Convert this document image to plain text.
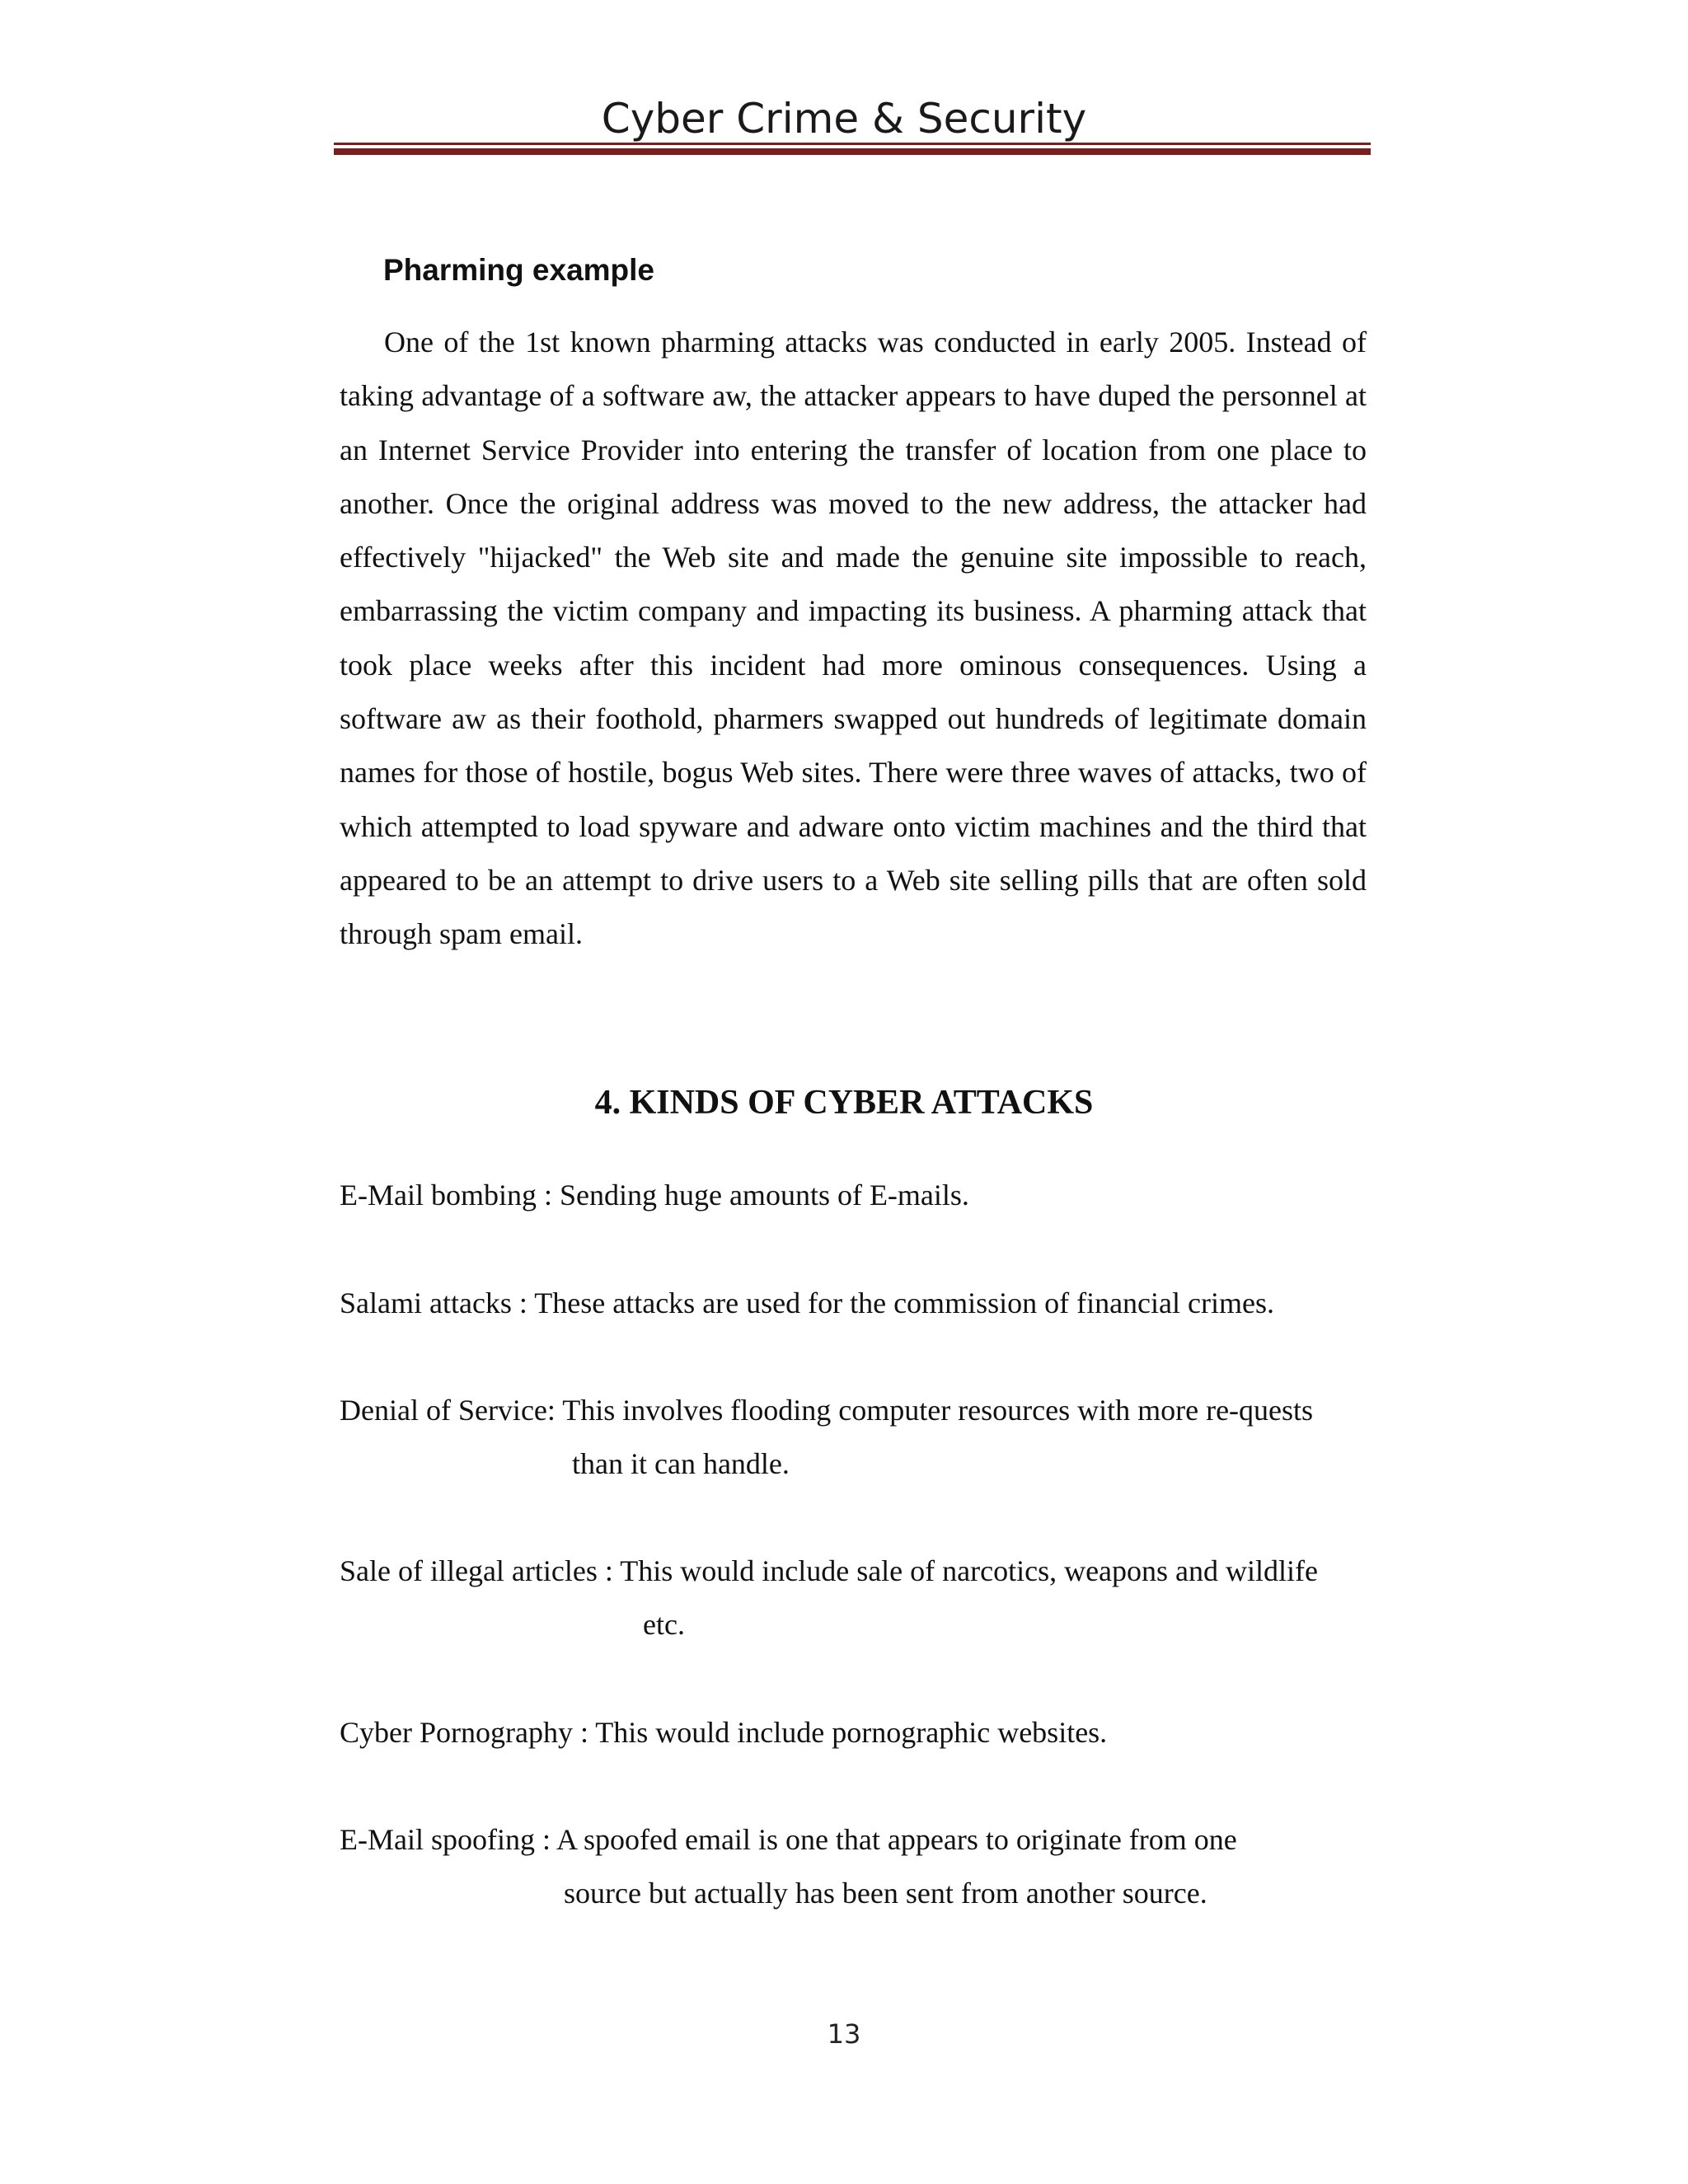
Cyber Crime & Security
Pharming example

One of the 1st known pharming attacks was conducted in early 2005. Instead of taking advantage of a software aw, the attacker appears to have duped the personnel at an Internet Service Provider into entering the transfer of location from one place to another. Once the original address was moved to the new address, the attacker had effectively "hijacked" the Web site and made the genuine site impossible to reach, embarrassing the victim company and impacting its business. A pharming attack that took place weeks after this incident had more ominous consequences. Using a software aw as their foothold, pharmers swapped out hundreds of legitimate domain names for those of hostile, bogus Web sites. There were three waves of attacks, two of which attempted to load spyware and adware onto victim machines and the third that appeared to be an attempt to drive users to a Web site selling pills that are often sold through spam email.

4. KINDS OF CYBER ATTACKS
E-Mail bombing : Sending huge amounts of E-mails.
Salami attacks : These attacks are used for the commission of financial crimes.
Denial of Service: This involves flooding computer resources with more re-quests
than it can handle.
Sale of illegal articles : This would include sale of narcotics, weapons and wildlife
etc.
Cyber Pornography : This would include pornographic websites.
E-Mail spoofing : A spoofed email is one that appears to originate from one
source but actually has been sent from another source.
13
